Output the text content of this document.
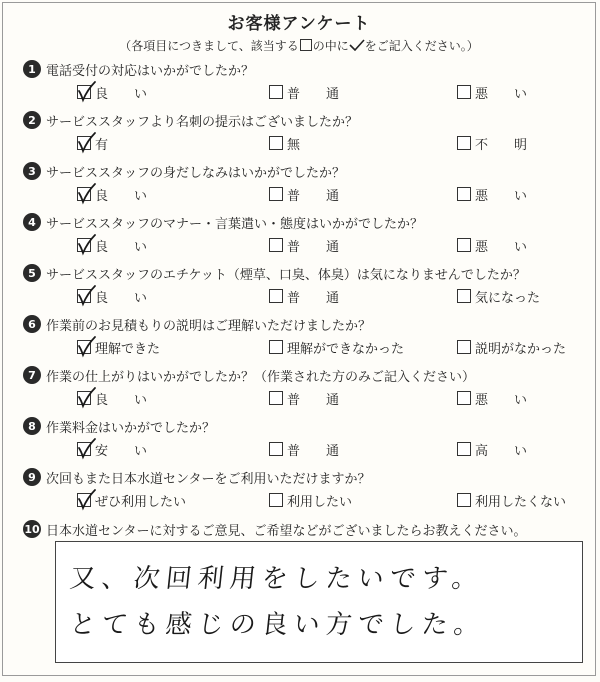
お客様アンケート
（各項目につきまして、該当する の中に をご記入ください。）
1 電話受付の対応はいかがでしたか？
良　　い	普　　通	悪　　い
2 サービススタッフより名刺の提示はございましたか？
有	無	不　　明
3 サービススタッフの身だしなみはいかがでしたか？
良　　い	普　　通	悪　　い
4 サービススタッフのマナー・言葉遣い・態度はいかがでしたか？
良　　い	普　　通	悪　　い
5 サービススタッフのエチケット（煙草、口臭、体臭）は気になりませんでしたか？
良　　い	普　　通	気になった
6 作業前のお見積もりの説明はご理解いただけましたか？
理解できた	理解ができなかった	説明がなかった
7 作業の仕上がりはいかがでしたか？（作業された方のみご記入ください）
良　　い	普　　通	悪　　い
8 作業料金はいかがでしたか？
安　　い	普　　通	高　　い
9 次回もまた日本水道センターをご利用いただけますか？
ぜひ利用したい	利用したい	利用したくない
10 日本水道センターに対するご意見、ご希望などがございましたらお教えください。
又、次回利用をしたいです。
とても感じの良い方でした。
